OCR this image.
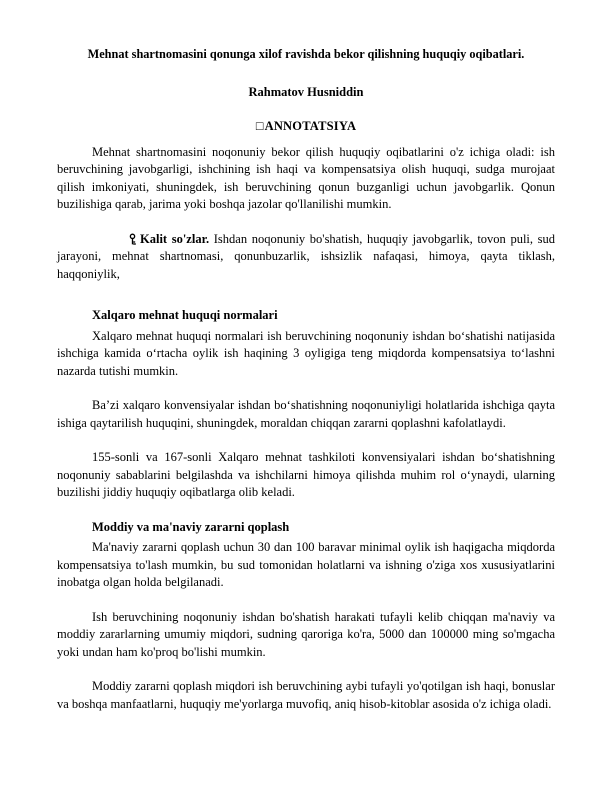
Mehnat shartnomasini qonunga xilof ravishda bekor qilishning huquqiy oqibatlari.

Rahmatov Husniddin

□ANNOTATSIYA

Mehnat shartnomasini noqonuniy bekor qilish huquqiy oqibatlarini o'z ichiga oladi: ish beruvchining javobgarligi, ishchining ish haqi va kompensatsiya olish huquqi, sudga murojaat qilish imkoniyati, shuningdek, ish beruvchining qonun buzganligi uchun javobgarlik. Qonun buzilishiga qarab, jarima yoki boshqa jazolar qo'llanilishi mumkin.

Kalit so'zlar. Ishdan noqonuniy bo'shatish, huquqiy javobgarlik, tovon puli, sud jarayoni, mehnat shartnomasi, qonunbuzarlik, ishsizlik nafaqasi, himoya, qayta tiklash, haqqoniylik,

Xalqaro mehnat huquqi normalari

Xalqaro mehnat huquqi normalari ish beruvchining noqonuniy ishdan boʻshatishi natijasida ishchiga kamida oʻrtacha oylik ish haqining 3 oyligiga teng miqdorda kompensatsiya toʻlashni nazarda tutishi mumkin.

Baʼzi xalqaro konvensiyalar ishdan boʻshatishning noqonuniyligi holatlarida ishchiga qayta ishiga qaytarilish huquqini, shuningdek, moraldan chiqqan zararni qoplashni kafolatlaydi.

155-sonli va 167-sonli Xalqaro mehnat tashkiloti konvensiyalari ishdan boʻshatishning noqonuniy sabablarini belgilashda va ishchilarni himoya qilishda muhim rol oʻynaydi, ularning buzilishi jiddiy huquqiy oqibatlarga olib keladi.

Moddiy va ma'naviy zararni qoplash

Ma'naviy zararni qoplash uchun 30 dan 100 baravar minimal oylik ish haqigacha miqdorda kompensatsiya to'lash mumkin, bu sud tomonidan holatlarni va ishning o'ziga xos xususiyatlarini inobatga olgan holda belgilanadi.

Ish beruvchining noqonuniy ishdan bo'shatish harakati tufayli kelib chiqqan ma'naviy va moddiy zararlarning umumiy miqdori, sudning qaroriga ko'ra, 5000 dan 100000 ming so'mgacha yoki undan ham ko'proq bo'lishi mumkin.

Moddiy zararni qoplash miqdori ish beruvchining aybi tufayli yo'qotilgan ish haqi, bonuslar va boshqa manfaatlarni, huquqiy me'yorlarga muvofiq, aniq hisob-kitoblar asosida o'z ichiga oladi.
